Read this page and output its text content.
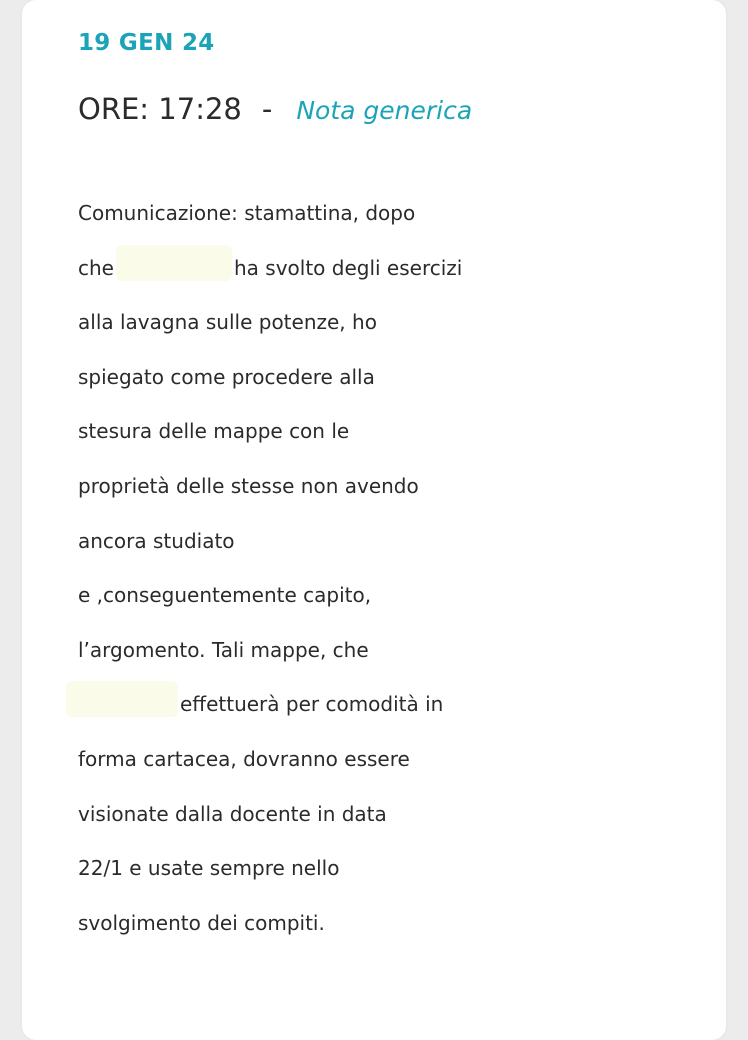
19 GEN 24
ORE: 17:28 - Nota generica
Comunicazione: stamattina, dopo
che	ha svolto degli esercizi
alla lavagna sulle potenze, ho
spiegato come procedere alla
stesura delle mappe con le
proprietà delle stesse non avendo
ancora studiato
e ,conseguentemente capito,
l’argomento. Tali mappe, che
effettuerà per comodità in
forma cartacea, dovranno essere
visionate dalla docente in data
22/1 e usate sempre nello
svolgimento dei compiti.
